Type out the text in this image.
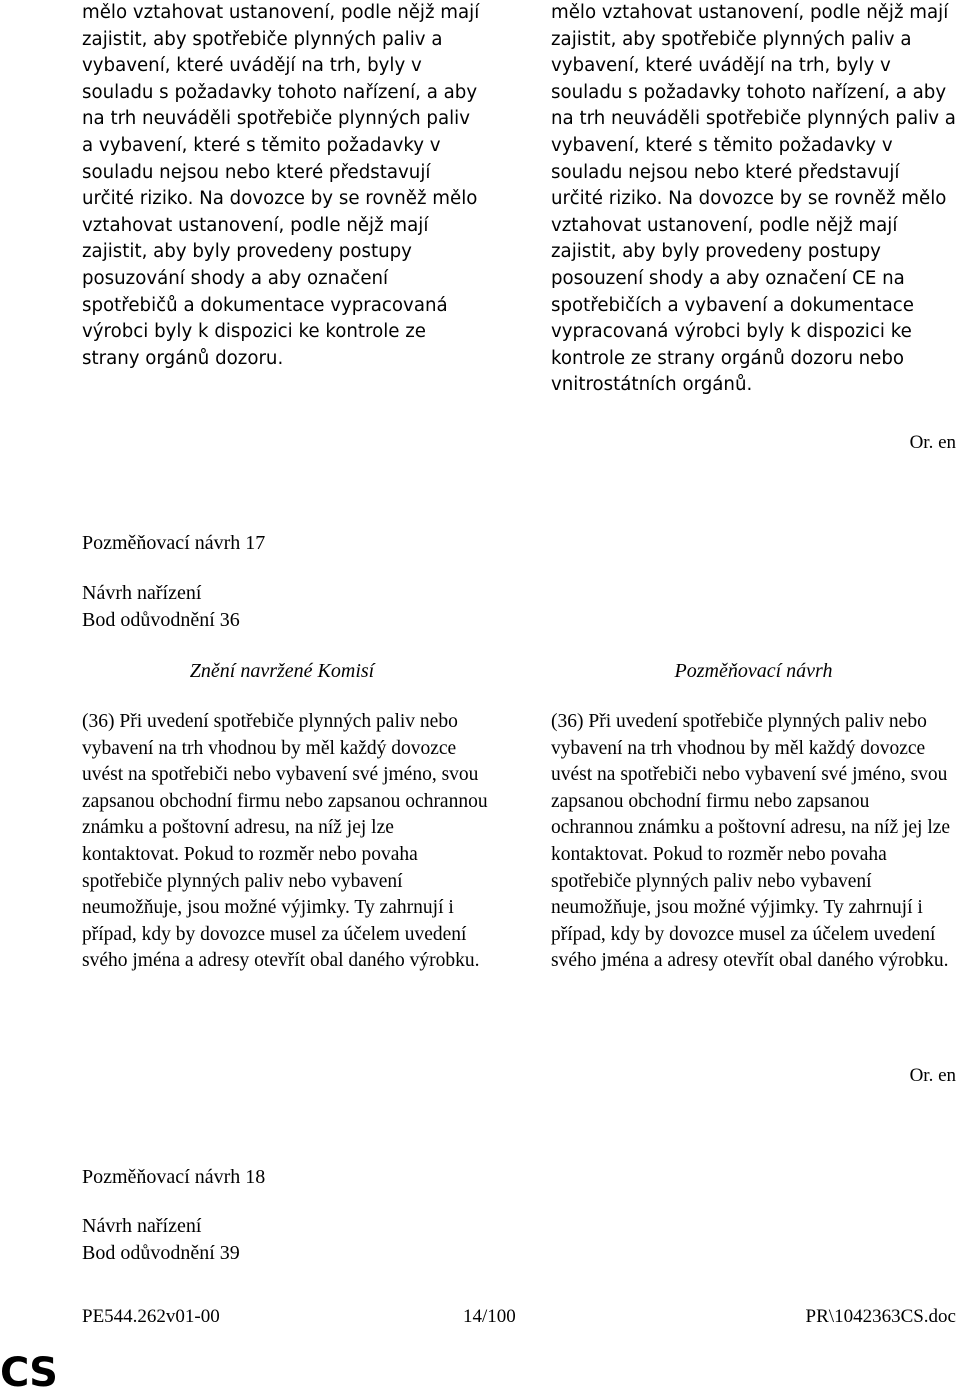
mělo vztahovat ustanovení, podle nějž mají zajistit, aby spotřebiče plynných paliv a vybavení, které uvádějí na trh, byly v souladu s požadavky tohoto nařízení, a aby na trh neuváděli spotřebiče plynných paliv a vybavení, které s těmito požadavky v souladu nejsou nebo které představují určité riziko. Na dovozce by se rovněž mělo vztahovat ustanovení, podle nějž mají zajistit, aby byly provedeny postupy posuzování shody a aby označení spotřebičů a dokumentace vypracovaná výrobci byly k dispozici ke kontrole ze strany orgánů dozoru.

mělo vztahovat ustanovení, podle nějž mají zajistit, aby spotřebiče plynných paliv a vybavení, které uvádějí na trh, byly v souladu s požadavky tohoto nařízení, a aby na trh neuváděli spotřebiče plynných paliv a vybavení, které s těmito požadavky v souladu nejsou nebo které představují určité riziko. Na dovozce by se rovněž mělo vztahovat ustanovení, podle nějž mají zajistit, aby byly provedeny postupy posouzení shody a aby označení CE na spotřebičích a vybavení a dokumentace vypracovaná výrobci byly k dispozici ke kontrole ze strany orgánů dozoru nebo vnitrostátních orgánů.

Or. en
Pozměňovací návrh 17
Návrh nařízení
Bod odůvodnění 36
Znění navržené Komisí	Pozměňovací návrh

(36) Při uvedení spotřebiče plynných paliv nebo vybavení na trh vhodnou by měl každý dovozce uvést na spotřebiči nebo vybavení své jméno, svou zapsanou obchodní firmu nebo zapsanou ochrannou známku a poštovní adresu, na níž jej lze kontaktovat. Pokud to rozměr nebo povaha spotřebiče plynných paliv nebo vybavení neumožňuje, jsou možné výjimky. Ty zahrnují i případ, kdy by dovozce musel za účelem uvedení svého jména a adresy otevřít obal daného výrobku.

(36) Při uvedení spotřebiče plynných paliv nebo vybavení na trh vhodnou by měl každý dovozce uvést na spotřebiči nebo vybavení své jméno, svou zapsanou obchodní firmu nebo zapsanou ochrannou známku a poštovní adresu, na níž jej lze kontaktovat. Pokud to rozměr nebo povaha spotřebiče plynných paliv nebo vybavení neumožňuje, jsou možné výjimky. Ty zahrnují i případ, kdy by dovozce musel za účelem uvedení svého jména a adresy otevřít obal daného výrobku.

Or. en
Pozměňovací návrh 18
Návrh nařízení
Bod odůvodnění 39
PE544.262v01-00	14/100	PR\1042363CS.doc
CS
